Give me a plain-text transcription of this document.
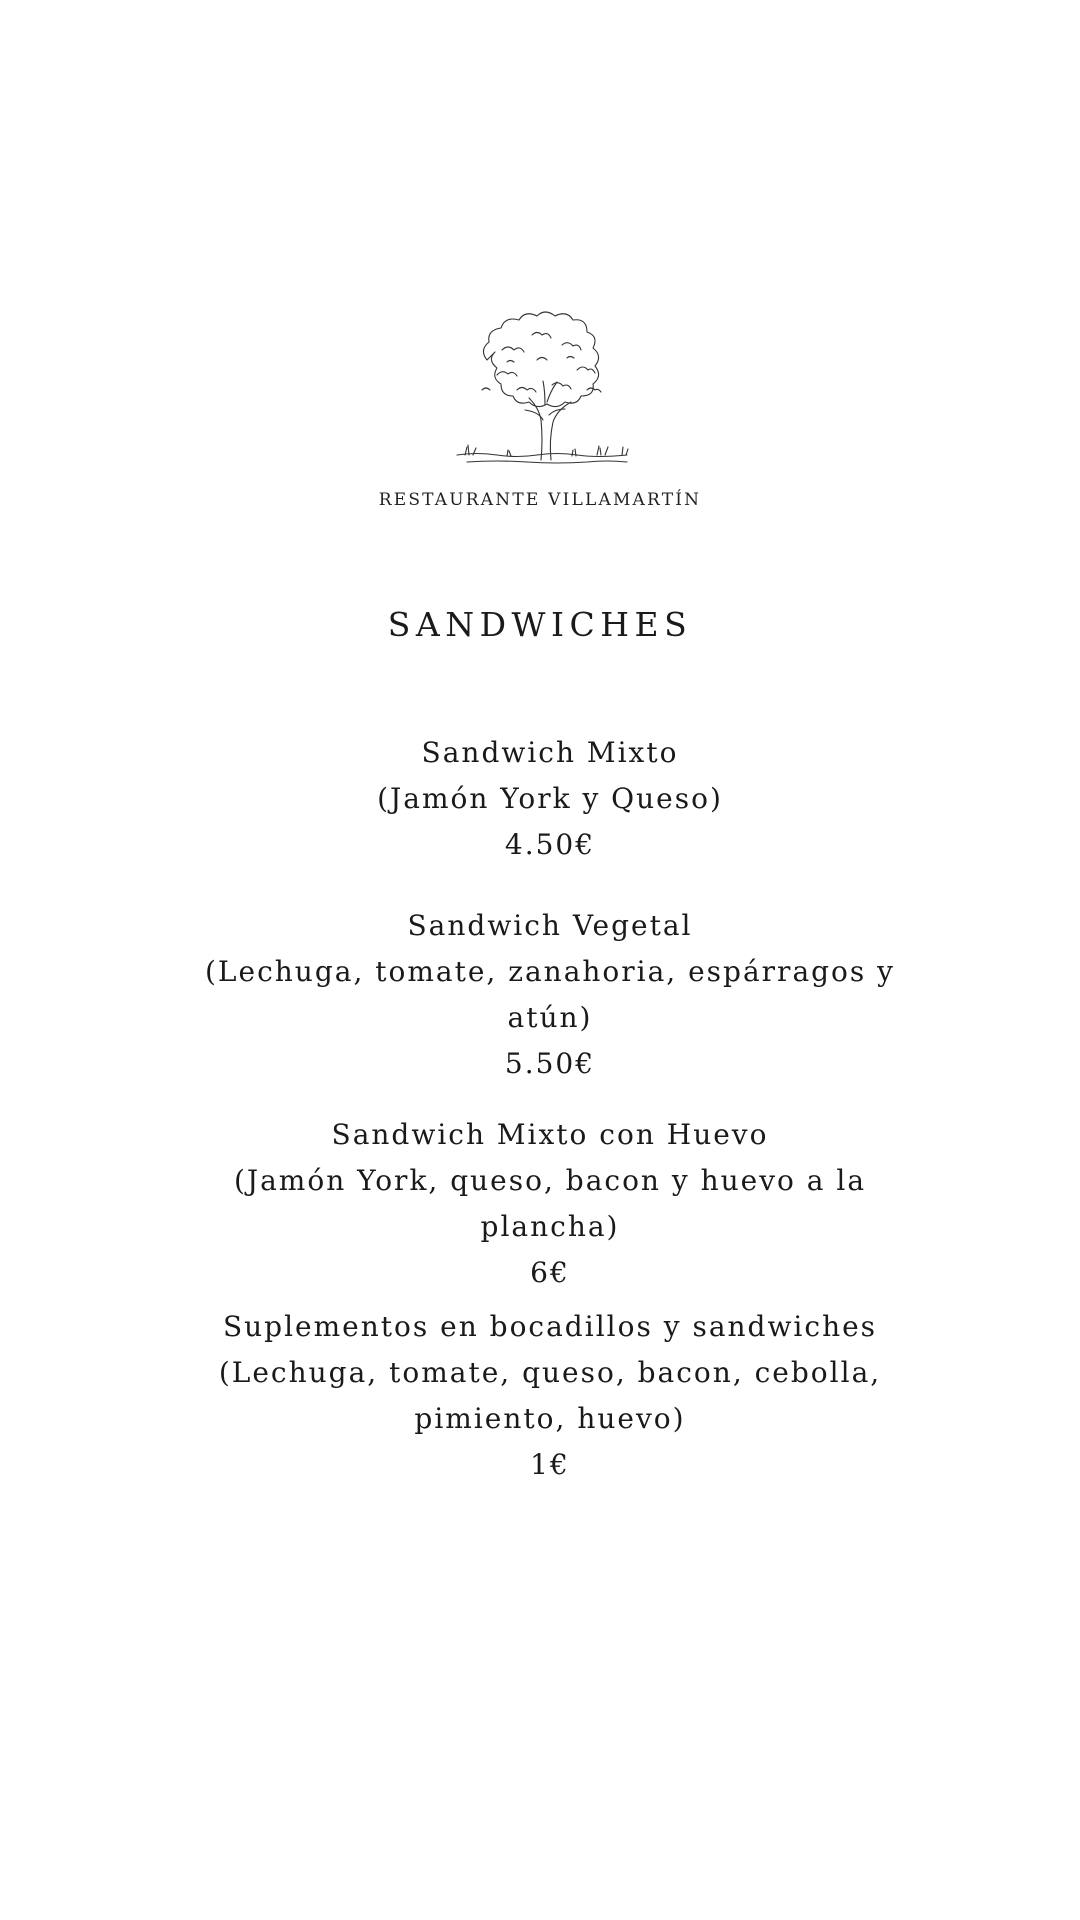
RESTAURANTE VILLAMARTÍN
SANDWICHES

Sandwich Mixto

(Jamón York y Queso)

4.50€

Sandwich Vegetal

(Lechuga, tomate, zanahoria, espárragos y atún)

5.50€

Sandwich Mixto con Huevo

(Jamón York, queso, bacon y huevo a la plancha)

6€

Suplementos en bocadillos y sandwiches

(Lechuga, tomate, queso, bacon, cebolla, pimiento, huevo)

1€
